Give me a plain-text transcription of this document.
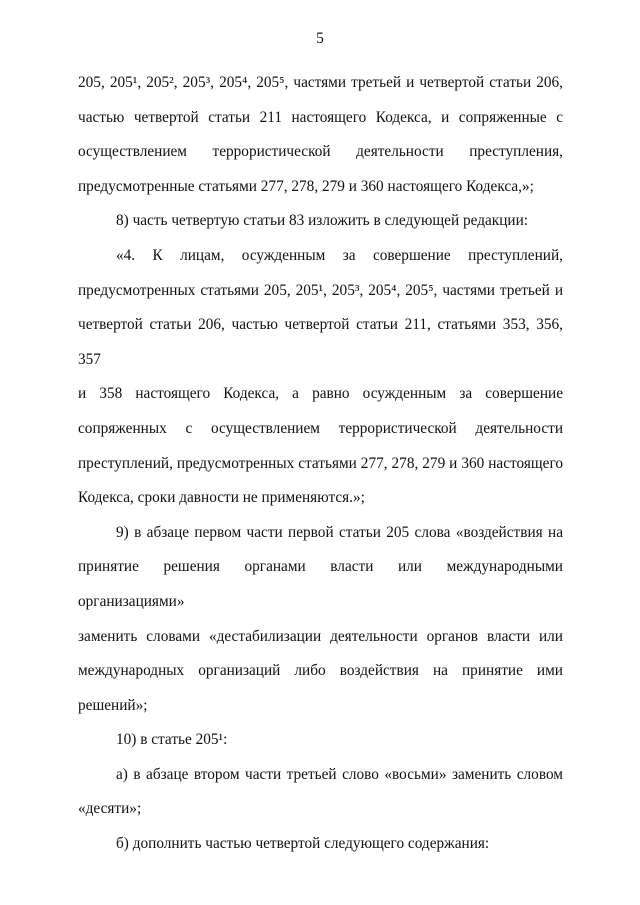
5

205, 205¹, 205², 205³, 205⁴, 205⁵, частями третьей и четвертой статьи 206,
частью четвертой статьи 211 настоящего Кодекса, и сопряженные с
осуществлением террористической деятельности преступления,
предусмотренные статьями 277, 278, 279 и 360 настоящего Кодекса,»;

8) часть четвертую статьи 83 изложить в следующей редакции:

«4. К лицам, осужденным за совершение преступлений,
предусмотренных статьями 205, 205¹, 205³, 205⁴, 205⁵, частями третьей и
четвертой статьи 206, частью четвертой статьи 211, статьями 353, 356, 357
и 358 настоящего Кодекса, а равно осужденным за совершение
сопряженных с осуществлением террористической деятельности
преступлений, предусмотренных статьями 277, 278, 279 и 360 настоящего
Кодекса, сроки давности не применяются.»;

9) в абзаце первом части первой статьи 205 слова «воздействия на
принятие решения органами власти или международными организациями»
заменить словами «дестабилизации деятельности органов власти или
международных организаций либо воздействия на принятие ими
решений»;

10) в статье 205¹:

а) в абзаце втором части третьей слово «восьми» заменить словом
«десяти»;

б) дополнить частью четвертой следующего содержания:
